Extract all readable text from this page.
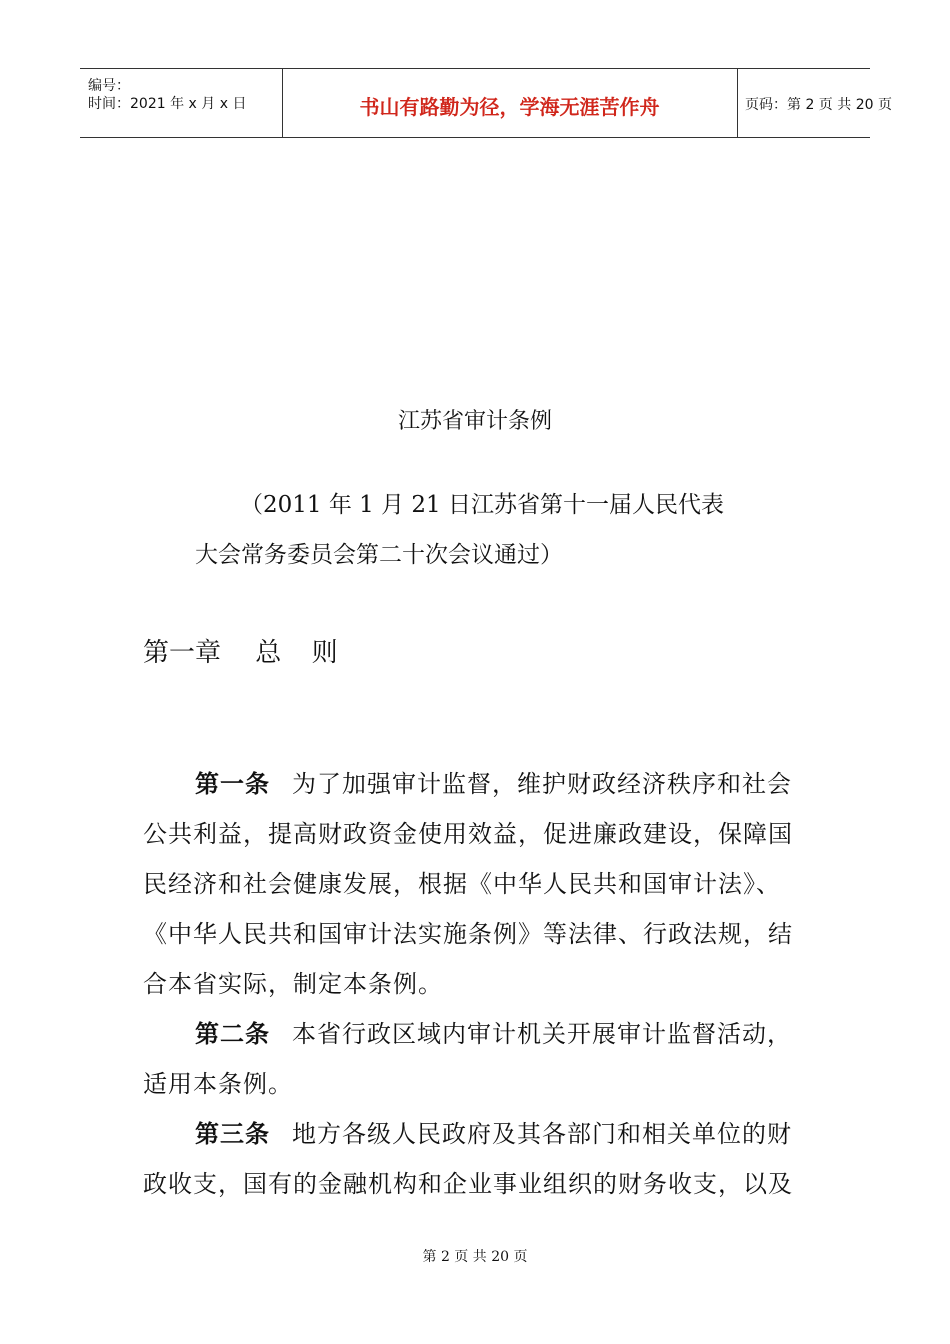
编号：
时间：2021 年 x 月 x 日	书山有路勤为径，学海无涯苦作舟	页码：第 2 页 共 20 页
江苏省审计条例
（2011 年 1 月 21 日江苏省第十一届人民代表
大会常务委员会第二十次会议通过）
第一章 总 则
第一条 为了加强审计监督，维护财政经济秩序和社会
公共利益，提高财政资金使用效益，促进廉政建设，保障国
民经济和社会健康发展，根据《中华人民共和国审计法》、
《中华人民共和国审计法实施条例》等法律、行政法规，结
合本省实际，制定本条例。
第二条 本省行政区域内审计机关开展审计监督活动，
适用本条例。
第三条 地方各级人民政府及其各部门和相关单位的财
政收支，国有的金融机构和企业事业组织的财务收支，以及
第 2 页 共 20 页
